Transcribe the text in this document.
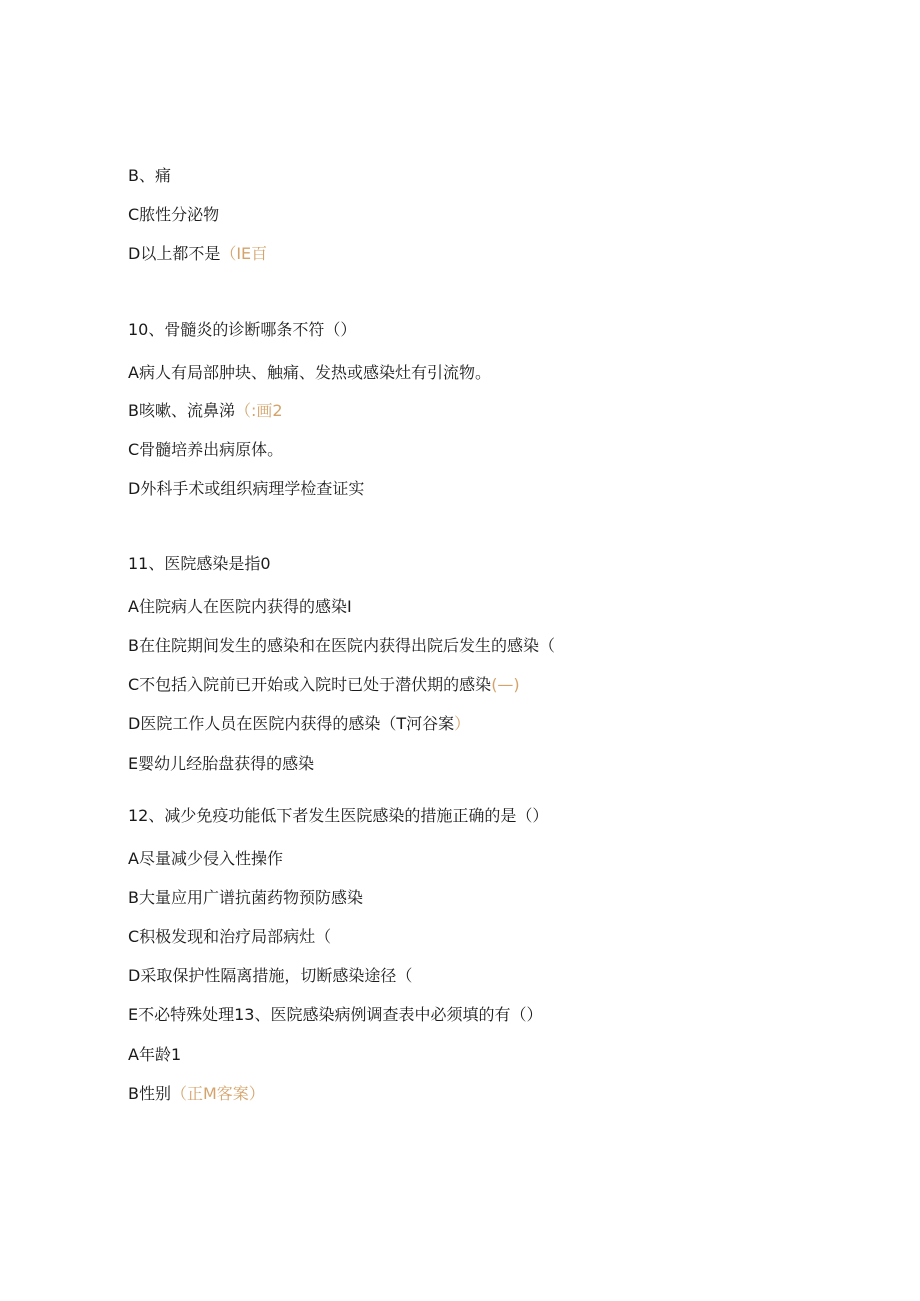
B、痛
C脓性分泌物
D以上都不是（IE百
10、骨髓炎的诊断哪条不符（）
A病人有局部肿块、触痛、发热或感染灶有引流物。
B咳嗽、流鼻涕（:画2
C骨髓培养出病原体。
D外科手术或组织病理学检查证实
11、医院感染是指0
A住院病人在医院内获得的感染I
B在住院期间发生的感染和在医院内获得出院后发生的感染（
C不包括入院前已开始或入院时已处于潜伏期的感染(—)
D医院工作人员在医院内获得的感染（T河谷案）
E婴幼儿经胎盘获得的感染
12、减少免疫功能低下者发生医院感染的措施正确的是（）
A尽量减少侵入性操作
B大量应用广谱抗菌药物预防感染
C积极发现和治疗局部病灶（
D采取保护性隔离措施，切断感染途径（
E不必特殊处理13、医院感染病例调查表中必须填的有（）
A年龄1
B性别（正M客案）
